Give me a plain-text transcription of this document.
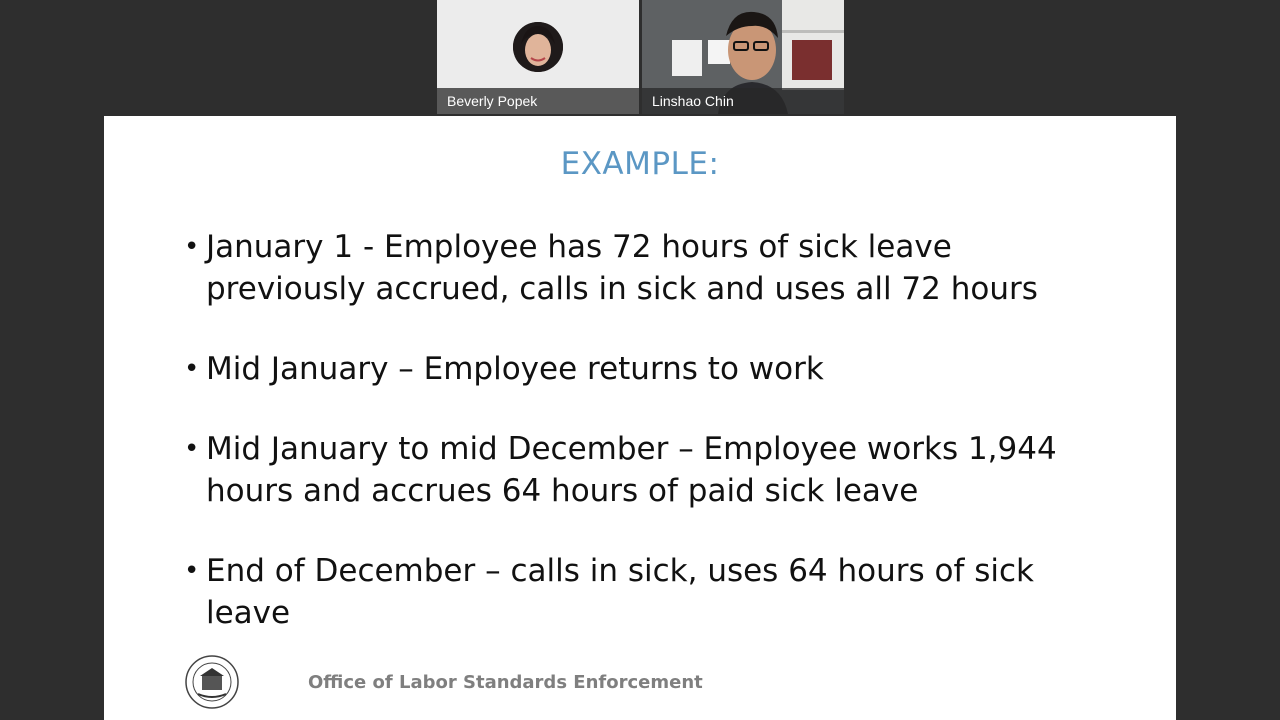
Beverly Popek	Linshao Chin
EXAMPLE:
• January 1 - Employee has 72 hours of sick leave previously accrued, calls in sick and uses all 72 hours
• Mid January – Employee returns to work
• Mid January to mid December – Employee works 1,944 hours and accrues 64 hours of paid sick leave
• End of December – calls in sick, uses 64 hours of sick leave
Office of Labor Standards Enforcement
